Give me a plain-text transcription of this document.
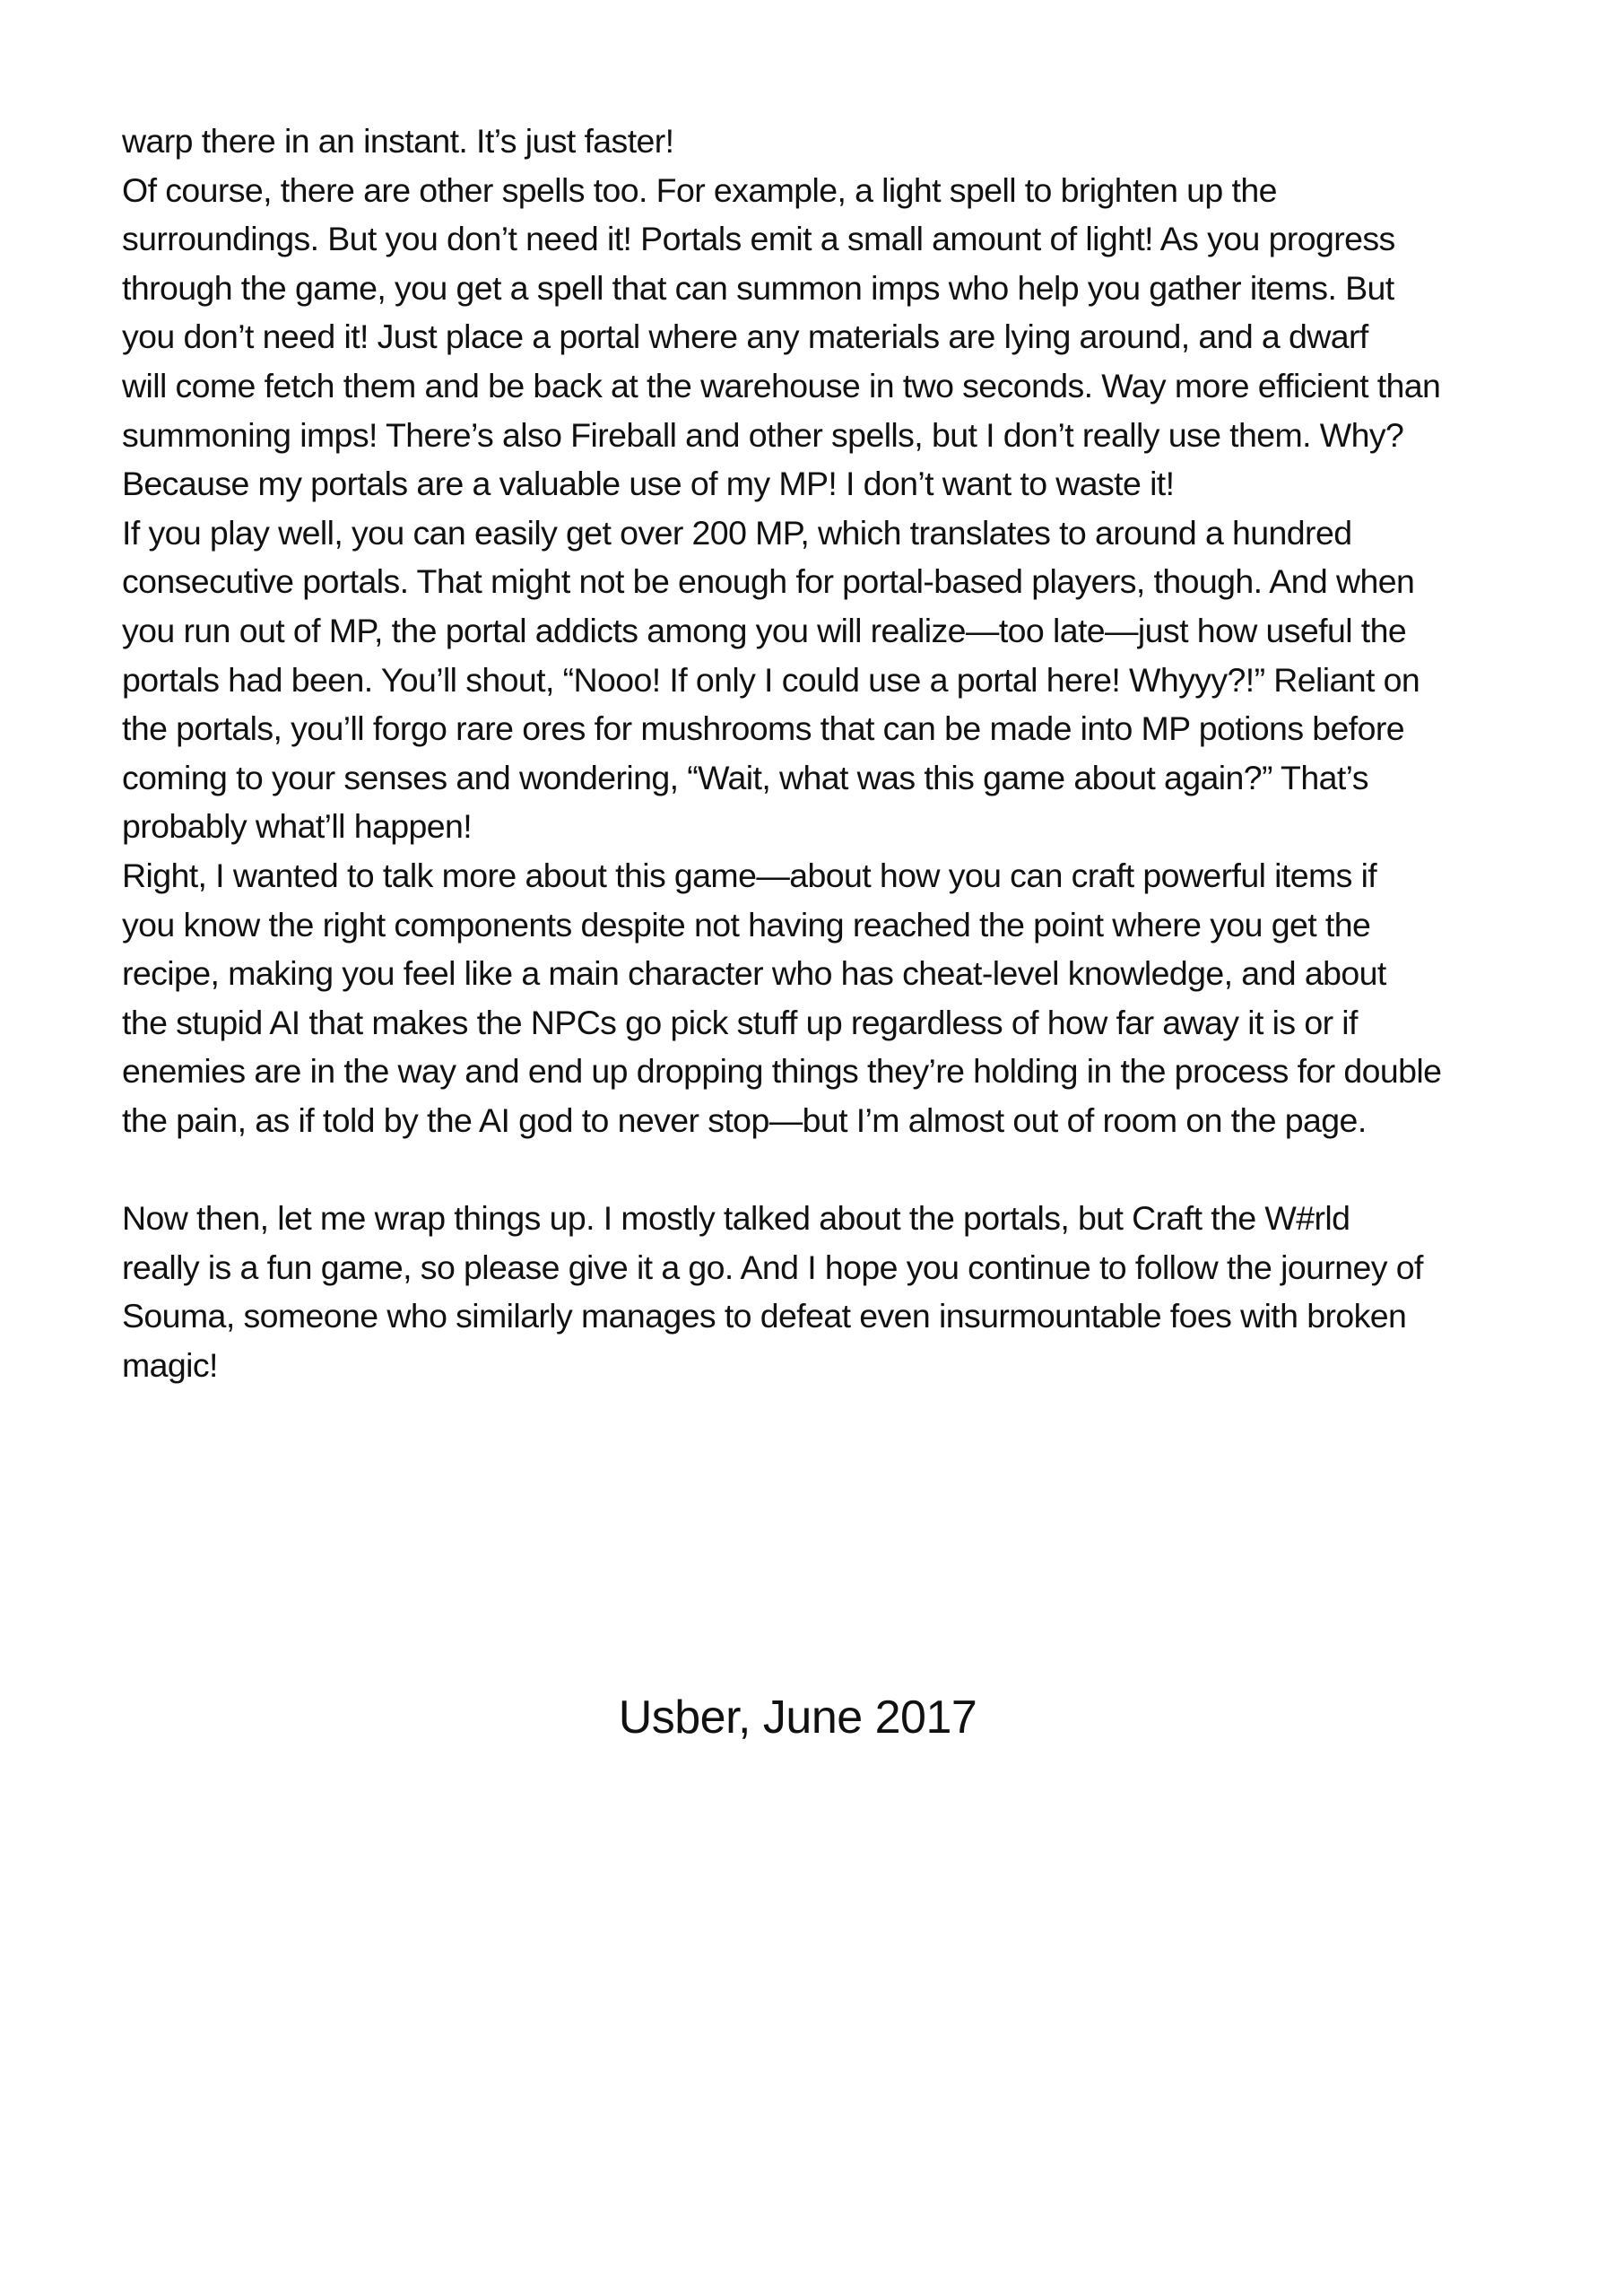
warp there in an instant. It’s just faster!
Of course, there are other spells too. For example, a light spell to brighten up the
surroundings. But you don’t need it! Portals emit a small amount of light! As you progress
through the game, you get a spell that can summon imps who help you gather items. But
you don’t need it! Just place a portal where any materials are lying around, and a dwarf
will come fetch them and be back at the warehouse in two seconds. Way more efficient than
summoning imps! There’s also Fireball and other spells, but I don’t really use them. Why?
Because my portals are a valuable use of my MP! I don’t want to waste it!
If you play well, you can easily get over 200 MP, which translates to around a hundred
consecutive portals. That might not be enough for portal-based players, though. And when
you run out of MP, the portal addicts among you will realize—too late—just how useful the
portals had been. You’ll shout, “Nooo! If only I could use a portal here! Whyyy?!” Reliant on
the portals, you’ll forgo rare ores for mushrooms that can be made into MP potions before
coming to your senses and wondering, “Wait, what was this game about again?” That’s
probably what’ll happen!
Right, I wanted to talk more about this game—about how you can craft powerful items if
you know the right components despite not having reached the point where you get the
recipe, making you feel like a main character who has cheat-level knowledge, and about
the stupid AI that makes the NPCs go pick stuff up regardless of how far away it is or if
enemies are in the way and end up dropping things they’re holding in the process for double
the pain, as if told by the AI god to never stop—but I’m almost out of room on the page.
Now then, let me wrap things up. I mostly talked about the portals, but Craft the W#rld
really is a fun game, so please give it a go. And I hope you continue to follow the journey of
Souma, someone who similarly manages to defeat even insurmountable foes with broken
magic!
Usber, June 2017
